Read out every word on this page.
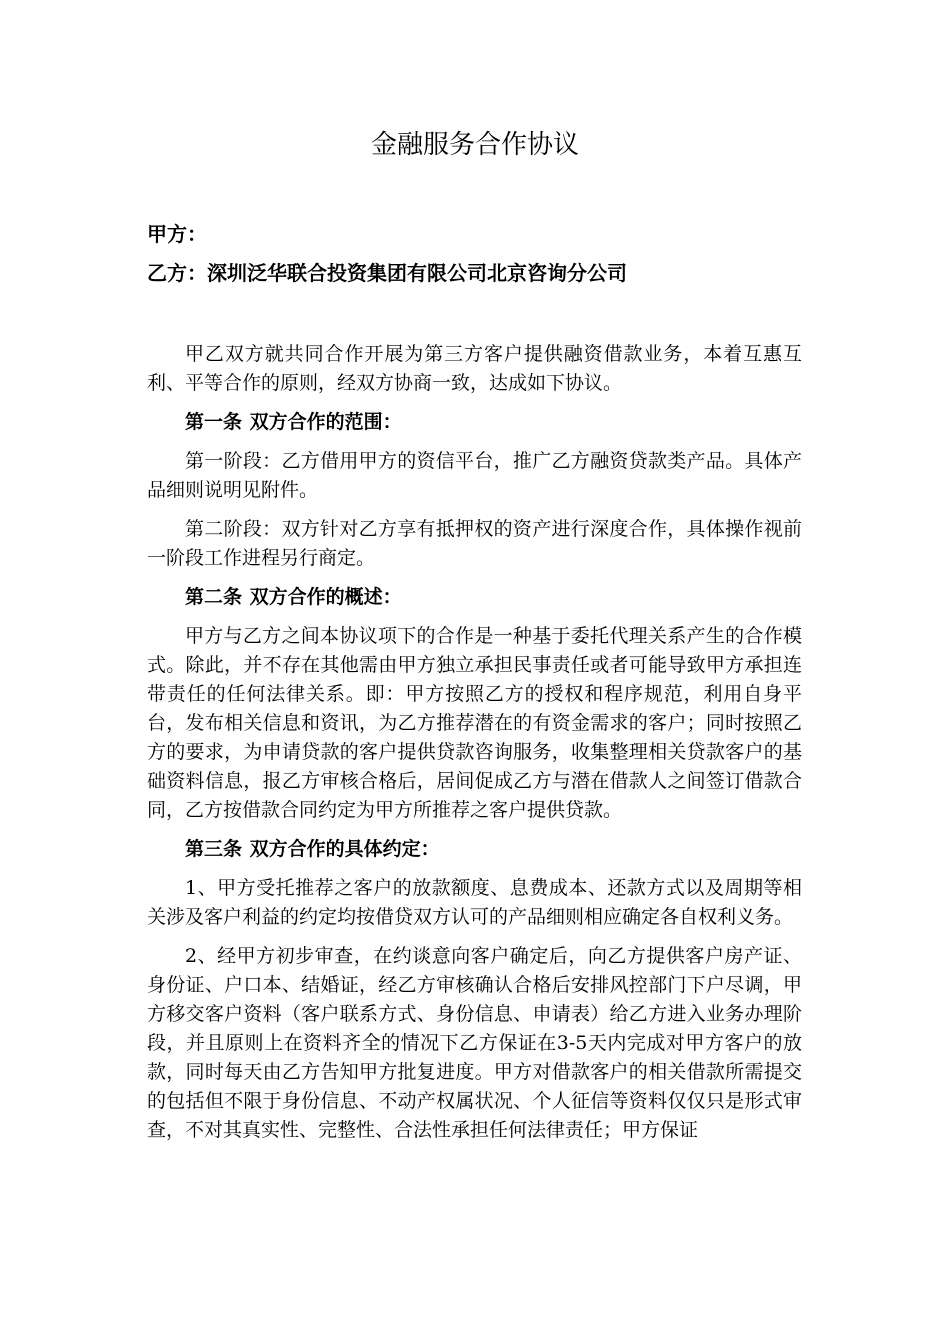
金融服务合作协议
甲方：
乙方：深圳泛华联合投资集团有限公司北京咨询分公司

甲乙双方就共同合作开展为第三方客户提供融资借款业务，本着互惠互利、平等合作的原则，经双方协商一致，达成如下协议。

第一条 双方合作的范围：

第一阶段：乙方借用甲方的资信平台，推广乙方融资贷款类产品。具体产品细则说明见附件。

第二阶段：双方针对乙方享有抵押权的资产进行深度合作，具体操作视前一阶段工作进程另行商定。

第二条 双方合作的概述：

甲方与乙方之间本协议项下的合作是一种基于委托代理关系产生的合作模式。除此，并不存在其他需由甲方独立承担民事责任或者可能导致甲方承担连带责任的任何法律关系。即：甲方按照乙方的授权和程序规范，利用自身平台，发布相关信息和资讯，为乙方推荐潜在的有资金需求的客户；同时按照乙方的要求，为申请贷款的客户提供贷款咨询服务，收集整理相关贷款客户的基础资料信息，报乙方审核合格后，居间促成乙方与潜在借款人之间签订借款合同，乙方按借款合同约定为甲方所推荐之客户提供贷款。

第三条 双方合作的具体约定：

1、甲方受托推荐之客户的放款额度、息费成本、还款方式以及周期等相关涉及客户利益的约定均按借贷双方认可的产品细则相应确定各自权利义务。

2、经甲方初步审查，在约谈意向客户确定后，向乙方提供客户房产证、身份证、户口本、结婚证，经乙方审核确认合格后安排风控部门下户尽调，甲方移交客户资料（客户联系方式、身份信息、申请表）给乙方进入业务办理阶段，并且原则上在资料齐全的情况下乙方保证在3-5天内完成对甲方客户的放款，同时每天由乙方告知甲方批复进度。甲方对借款客户的相关借款所需提交的包括但不限于身份信息、不动产权属状况、个人征信等资料仅仅只是形式审查，不对其真实性、完整性、合法性承担任何法律责任；甲方保证
